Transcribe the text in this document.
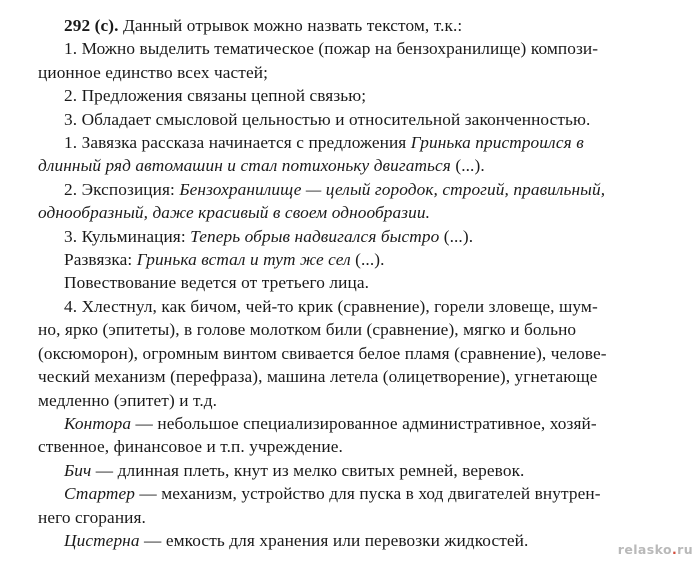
292 (c). Данный отрывок можно назвать текстом, т.к.:
1. Можно выделить тематическое (пожар на бензохранилище) компози-
ционное единство всех частей;
2. Предложения связаны цепной связью;
3. Обладает смысловой цельностью и относительной законченностью.
1. Завязка рассказа начинается с предложения Гринька пристроился в
длинный ряд автомашин и стал потихоньку двигаться (...).
2. Экспозиция: Бензохранилище — целый городок, строгий, правильный,
однообразный, даже красивый в своем однообразии.
3. Кульминация: Теперь обрыв надвигался быстро (...).
Развязка: Гринька встал и тут же сел (...).
Повествование ведется от третьего лица.
4. Хлестнул, как бичом, чей-то крик (сравнение), горели зловеще, шум-
но, ярко (эпитеты), в голове молотком били (сравнение), мягко и больно
(оксюморон), огромным винтом свивается белое пламя (сравнение), челове-
ческий механизм (перефраза), машина летела (олицетворение), угнетающе
медленно (эпитет) и т.д.
Контора — небольшое специализированное административное, хозяй-
ственное, финансовое и т.п. учреждение.
Бич — длинная плеть, кнут из мелко свитых ремней, веревок.
Стартер — механизм, устройство для пуска в ход двигателей внутрен-
него сгорания.
Цистерна — емкость для хранения или перевозки жидкостей.	relasko.ru
